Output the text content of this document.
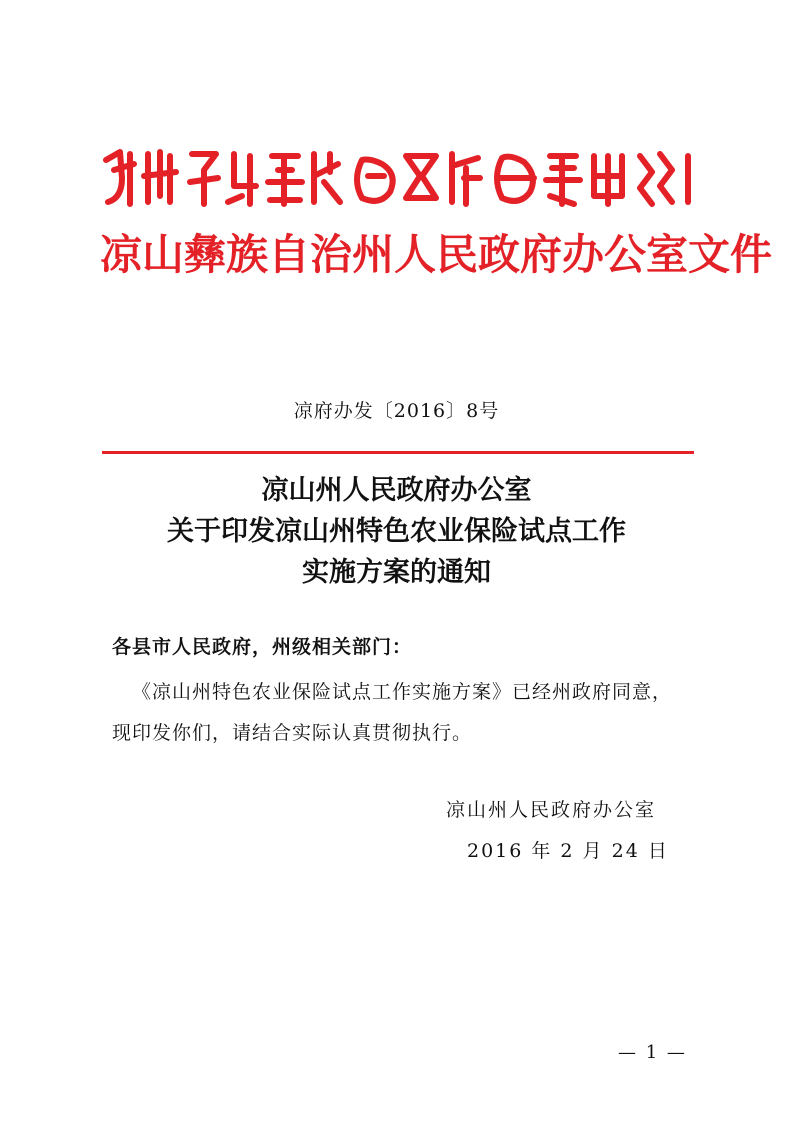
凉山彝族自治州人民政府办公室文件
凉府办发〔2016〕8号
凉山州人民政府办公室
关于印发凉山州特色农业保险试点工作
实施方案的通知
各县市人民政府，州级相关部门：
《凉山州特色农业保险试点工作实施方案》已经州政府同意，
现印发你们，请结合实际认真贯彻执行。
凉山州人民政府办公室
2016 年 2 月 24 日
— 1 —
